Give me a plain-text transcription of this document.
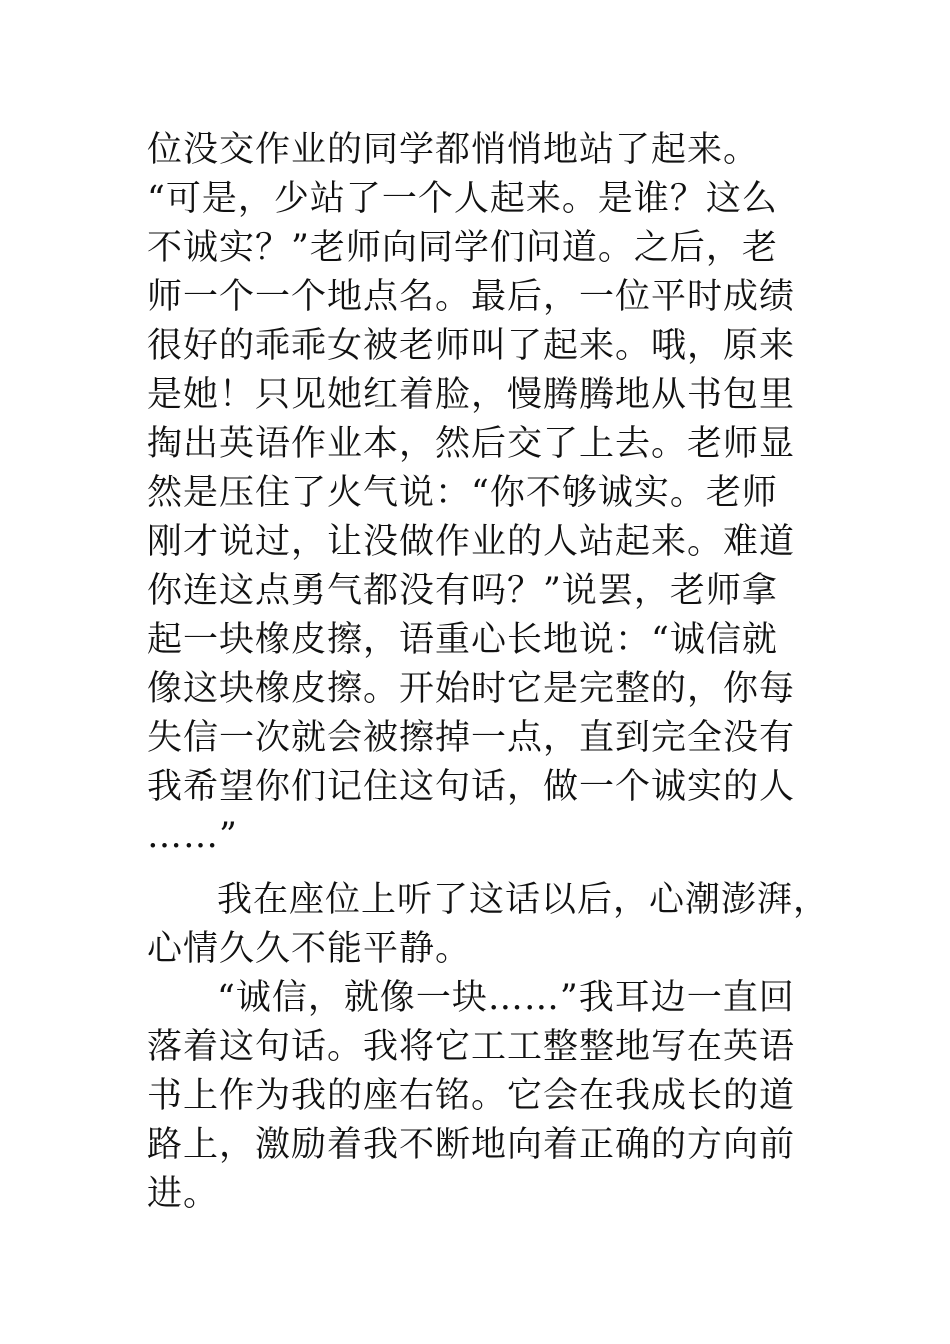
位没交作业的同学都悄悄地站了起来。
“可是，少站了一个人起来。是谁？这么
不诚实？”老师向同学们问道。之后，老
师一个一个地点名。最后，一位平时成绩
很好的乖乖女被老师叫了起来。哦，原来
是她！只见她红着脸，慢腾腾地从书包里
掏出英语作业本，然后交了上去。老师显
然是压住了火气说：“你不够诚实。老师
刚才说过，让没做作业的人站起来。难道
你连这点勇气都没有吗？”说罢，老师拿
起一块橡皮擦，语重心长地说：“诚信就
像这块橡皮擦。开始时它是完整的，你每
失信一次就会被擦掉一点，直到完全没有
我希望你们记住这句话，做一个诚实的人
……”
我在座位上听了这话以后，心潮澎湃，
心情久久不能平静。
“诚信，就像一块……”我耳边一直回
落着这句话。我将它工工整整地写在英语
书上作为我的座右铭。它会在我成长的道
路上，激励着我不断地向着正确的方向前
进。
